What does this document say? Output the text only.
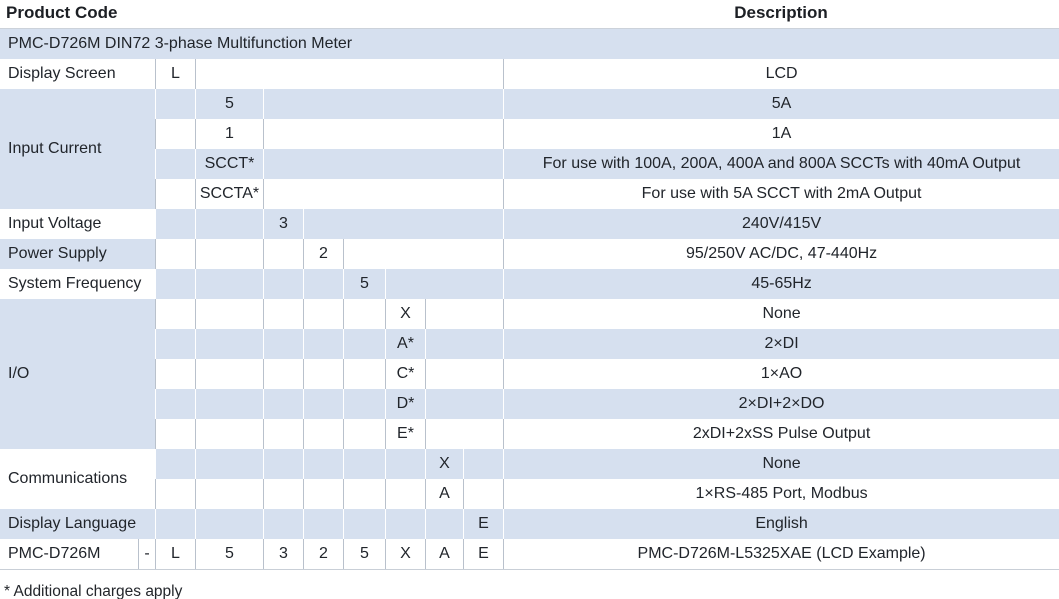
Product Code	Description
PMC-D726M DIN72 3-phase Multifunction Meter										
Display Screen		L								LCD
Input Current			5							5A
			1							1A
			SCCT*							For use with 100A, 200A, 400A and 800A SCCTs with 40mA Output
			SCCTA*							For use with 5A SCCT with 2mA Output
Input Voltage				3						240V/415V
Power Supply					2					95/250V AC/DC, 47-440Hz
System Frequency						5				45-65Hz
I/O							X			None
							A*			2×DI
							C*			1×AO
							D*			2×DI+2×DO
							E*			2xDI+2xSS Pulse Output
Communications								X		None
								A		1×RS-485 Port, Modbus
Display Language									E	English
PMC-D726M	-	L	5	3	2	5	X	A	E	PMC-D726M-L5325XAE (LCD Example)
* Additional charges apply
